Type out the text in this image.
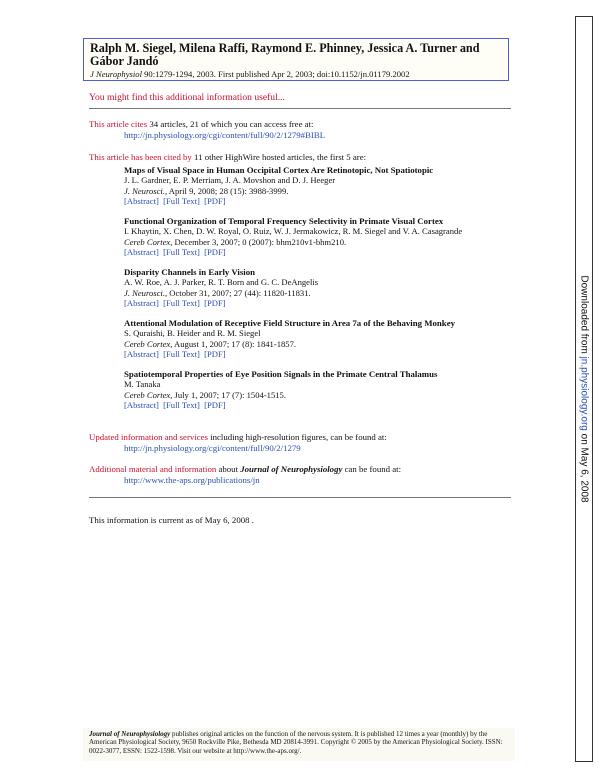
Ralph M. Siegel, Milena Raffi, Raymond E. Phinney, Jessica A. Turner and Gábor Jandó
J Neurophysiol 90:1279-1294, 2003. First published Apr 2, 2003; doi:10.1152/jn.01179.2002
You might find this additional information useful...
This article cites 34 articles, 21 of which you can access free at:
http://jn.physiology.org/cgi/content/full/90/2/1279#BIBL
This article has been cited by 11 other HighWire hosted articles, the first 5 are:
Maps of Visual Space in Human Occipital Cortex Are Retinotopic, Not Spatiotopic
J. L. Gardner, E. P. Merriam, J. A. Movshon and D. J. Heeger
J. Neurosci., April 9, 2008; 28 (15): 3988-3999.
[Abstract] [Full Text] [PDF]
Functional Organization of Temporal Frequency Selectivity in Primate Visual Cortex
I. Khaytin, X. Chen, D. W. Royal, O. Ruiz, W. J. Jermakowicz, R. M. Siegel and V. A. Casagrande
Cereb Cortex, December 3, 2007; 0 (2007): bhm210v1-bhm210.
[Abstract] [Full Text] [PDF]
Disparity Channels in Early Vision
A. W. Roe, A. J. Parker, R. T. Born and G. C. DeAngelis
J. Neurosci., October 31, 2007; 27 (44): 11820-11831.
[Abstract] [Full Text] [PDF]
Attentional Modulation of Receptive Field Structure in Area 7a of the Behaving Monkey
S. Quraishi, B. Heider and R. M. Siegel
Cereb Cortex, August 1, 2007; 17 (8): 1841-1857.
[Abstract] [Full Text] [PDF]
Spatiotemporal Properties of Eye Position Signals in the Primate Central Thalamus
M. Tanaka
Cereb Cortex, July 1, 2007; 17 (7): 1504-1515.
[Abstract] [Full Text] [PDF]
Updated information and services including high-resolution figures, can be found at:
http://jn.physiology.org/cgi/content/full/90/2/1279
Additional material and information about Journal of Neurophysiology can be found at:
http://www.the-aps.org/publications/jn
This information is current as of May 6, 2008 .
Journal of Neurophysiology publishes original articles on the function of the nervous system. It is published 12 times a year (monthly) by the American Physiological Society, 9650 Rockville Pike, Bethesda MD 20814-3991. Copyright © 2005 by the American Physiological Society. ISSN: 0022-3077, ESSN: 1522-1598. Visit our website at http://www.the-aps.org/.
Downloaded from jn.physiology.org on May 6, 2008
